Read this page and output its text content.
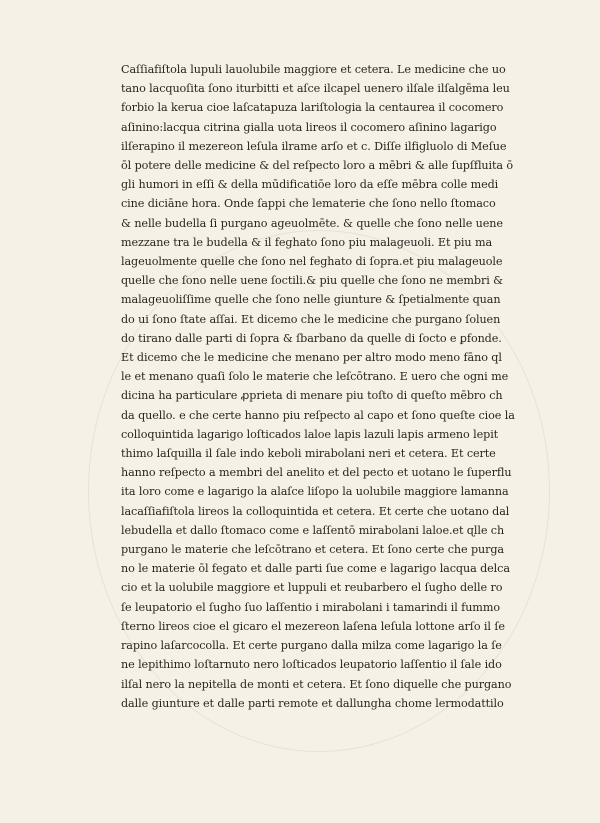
Caſſiafiſtola lupuli lauolubile maggiore et cetera. Le medicine che uo
tano lacquoſita ſono iturbitti et aſce ilcapel uenero ilſale ilſalgēma leu
forbio la keruа cioe laſcatapuza lariſtologia la centaurea il cocomero
aſinino:lacqua citrina gialla uota lireos il cocomero aſinino lagarigo
ilſerapino il mezereon leſula ilrame arſo et c. Diſſe ilfigluolo di Meſue
ōl potere delle medicine & del reſpecto loro a mēbri & alle ſupſfluita ō
gli humori in eſſi & della mūdificatiōe loro da eſſe mēbra colle medi
cine diciāne hora. Onde ſappi che lematerie che ſono nello ſtomaco
& nelle budella ſi purgano ageuolmēte. & quelle che ſono nelle uene
mezzane tra le budella & il feghato ſono piu malageuoli. Et piu ma
lageuolmente quelle che ſono nel feghato di ſopra.et piu malageuole
quelle che ſono nelle uene ſoctili.& piu quelle che ſono ne membri &
malageuoliſſime quelle che ſono nelle giunture & ſpetialmente quan
do ui ſono ſtate aſſai. Et dicemo che le medicine che purgano ſoluen
do tirano dalle parti di ſopra & ſbarbano da quelle di ſocto e ꝑfonde.
Et dicemo che le medicine che menano per altro modo meno fāno ql
le et menano quaſi ſolo le materie che leſcōtrano. E uero che ogni me
dicina ha particulare ꝓprieta di menare piu toſto di queſto mēbro ch
da quello. e che certe hanno piu reſpecto al capo et ſono queſte cioe la
colloquintida lagarigo loſticados laloe lapis lazuli lapis armeno lepit
thimo laſquilla il ſale indo keboli mirabolani neri et cetera. Et certe
hanno reſpecto a membri del anelito et del pecto et uotano le ſuperflu
ita loro come e lagarigo la alaſce liſopo la uolubile maggiore lamanna
lacaſſiafiſtola lireos la colloquintida et cetera. Et certe che uotano dal
lebudella et dallo ſtomaco come e laſſentō mirabolani laloe.et ɋlle ch
purgano le materie che leſcōtrano et cetera. Et ſono certe che purga
no le materie ōl fegato et dalle parti ſue come e lagarigo lacqua delca
cio et la uolubile maggiore et luppuli et reubarbero el ſugho delle ro
ſe leupatorio el ſugho ſuo laſſentio i mirabolani i tamarindi il fummo
ſterno lireos cioe el gicaro el mezereon laſena leſula lottone arſo il ſe
rapino laſarcocolla. Et certe purgano dalla milza come lagarigo la ſe
ne lepithimo loſtarnuto nero loſticados leupatorio laſſentio il ſale ido
ilſal nero la nepitella de monti et cetera. Et ſono diquelle che purgano
dalle giunture et dalle parti remote et dallungha chome lermodattilo
